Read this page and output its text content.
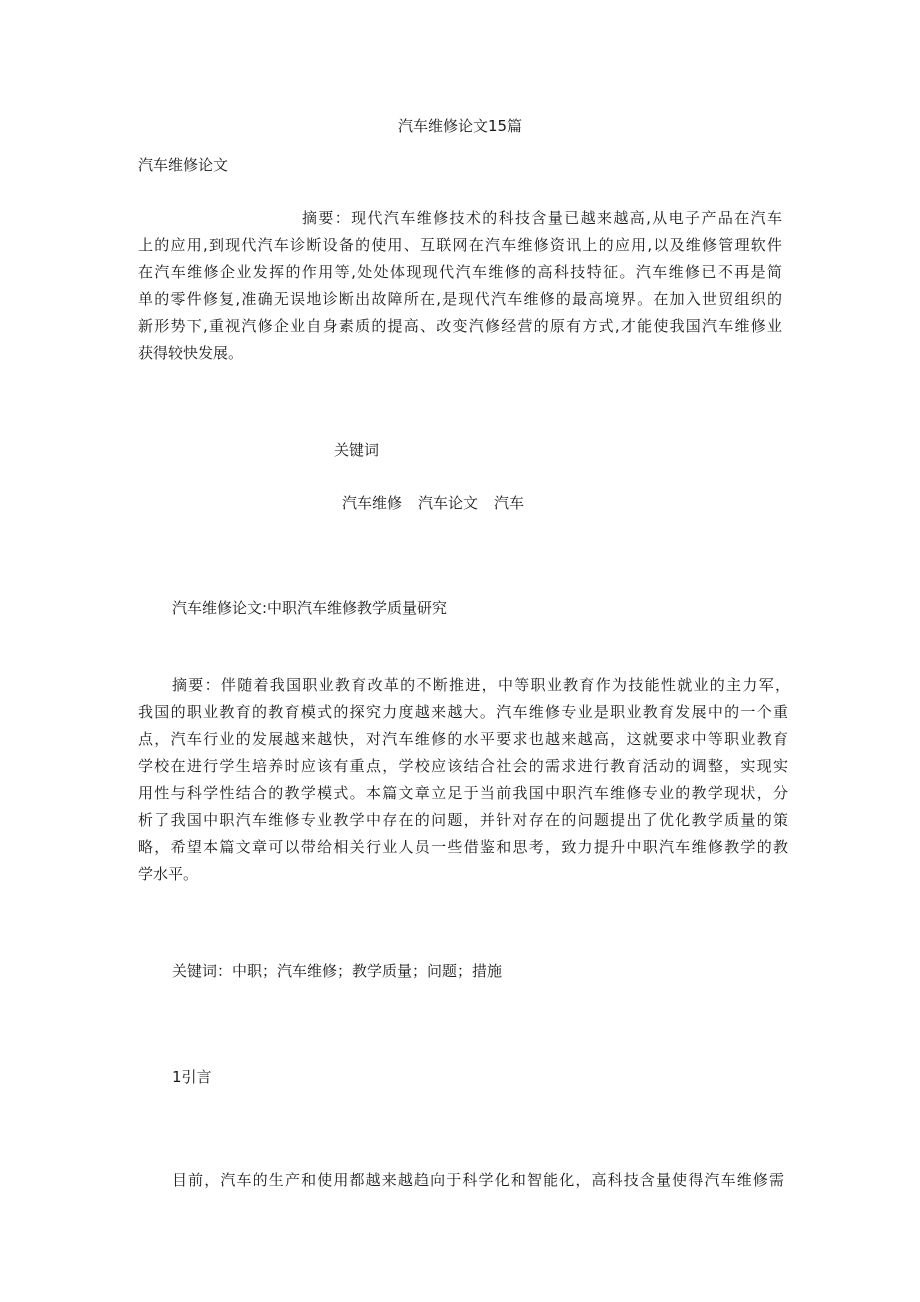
汽车维修论文15篇
汽车维修论文
摘要：现代汽车维修技术的科技含量已越来越高,从电子产品在汽车
上的应用,到现代汽车诊断设备的使用、互联网在汽车维修资讯上的应用,以及维修管理软件
在汽车维修企业发挥的作用等,处处体现现代汽车维修的高科技特征。汽车维修已不再是简
单的零件修复,准确无误地诊断出故障所在,是现代汽车维修的最高境界。在加入世贸组织的
新形势下,重视汽修企业自身素质的提高、改变汽修经营的原有方式,才能使我国汽车维修业
获得较快发展。
关键词
汽车维修 汽车论文 汽车
汽车维修论文:中职汽车维修教学质量研究
摘要：伴随着我国职业教育改革的不断推进，中等职业教育作为技能性就业的主力军，
我国的职业教育的教育模式的探究力度越来越大。汽车维修专业是职业教育发展中的一个重
点，汽车行业的发展越来越快，对汽车维修的水平要求也越来越高，这就要求中等职业教育
学校在进行学生培养时应该有重点，学校应该结合社会的需求进行教育活动的调整，实现实
用性与科学性结合的教学模式。本篇文章立足于当前我国中职汽车维修专业的教学现状，分
析了我国中职汽车维修专业教学中存在的问题，并针对存在的问题提出了优化教学质量的策
略，希望本篇文章可以带给相关行业人员一些借鉴和思考，致力提升中职汽车维修教学的教
学水平。
关键词：中职；汽车维修；教学质量；问题；措施
1引言
目前，汽车的生产和使用都越来越趋向于科学化和智能化，高科技含量使得汽车维修需
